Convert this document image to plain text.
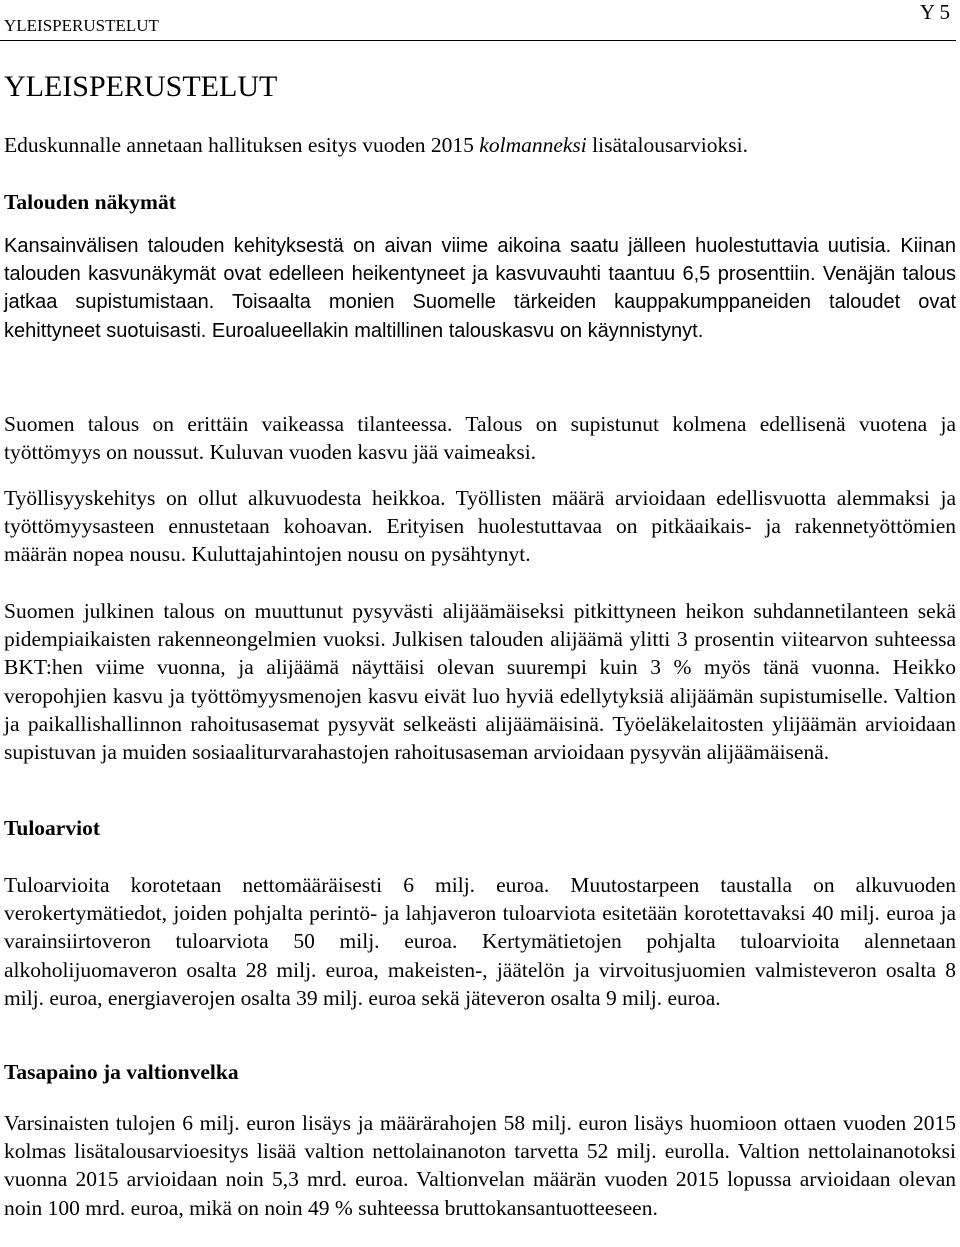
YLEISPERUSTELUT
Y 5
YLEISPERUSTELUT

Eduskunnalle annetaan hallituksen esitys vuoden 2015 kolmanneksi lisätalousarvioksi.

Talouden näkymät

Kansainvälisen talouden kehityksestä on aivan viime aikoina saatu jälleen huolestuttavia uutisia. Kiinan talouden kasvunäkymät ovat edelleen heikentyneet ja kasvuvauhti taantuu 6,5 prosenttiin. Venäjän talous jatkaa supistumistaan. Toisaalta monien Suomelle tärkeiden kauppakumppaneiden taloudet ovat kehittyneet suotuisasti. Euroalueellakin maltillinen talouskasvu on käynnistynyt.

Suomen talous on erittäin vaikeassa tilanteessa. Talous on supistunut kolmena edellisenä vuotena ja työttömyys on noussut. Kuluvan vuoden kasvu jää vaimeaksi.

Työllisyyskehitys on ollut alkuvuodesta heikkoa. Työllisten määrä arvioidaan edellisvuotta alemmaksi ja työttömyysasteen ennustetaan kohoavan. Erityisen huolestuttavaa on pitkäaikais- ja rakennetyöttömien määrän nopea nousu. Kuluttajahintojen nousu on pysähtynyt.

Suomen julkinen talous on muuttunut pysyvästi alijäämäiseksi pitkittyneen heikon suhdannetilanteen sekä pidempiaikaisten rakenneongelmien vuoksi. Julkisen talouden alijäämä ylitti 3 prosentin viitearvon suhteessa BKT:hen viime vuonna, ja alijäämä näyttäisi olevan suurempi kuin 3 % myös tänä vuonna. Heikko veropohjien kasvu ja työttömyysmenojen kasvu eivät luo hyviä edellytyksiä alijäämän supistumiselle. Valtion ja paikallishallinnon rahoitusasemat pysyvät selkeästi alijäämäisinä. Työeläkelaitosten ylijäämän arvioidaan supistuvan ja muiden sosiaaliturvarahastojen rahoitusaseman arvioidaan pysyvän alijäämäisenä.

Tuloarviot

Tuloarvioita korotetaan nettomääräisesti 6 milj. euroa. Muutostarpeen taustalla on alkuvuoden verokertymätiedot, joiden pohjalta perintö- ja lahjaveron tuloarviota esitetään korotettavaksi 40 milj. euroa ja varainsiirtoveron tuloarviota 50 milj. euroa. Kertymätietojen pohjalta tuloarvioita alennetaan alkoholijuomaveron osalta 28 milj. euroa, makeisten-, jäätelön ja virvoitusjuomien valmisteveron osalta 8 milj. euroa, energiaverojen osalta 39 milj. euroa sekä jäteveron osalta 9 milj. euroa.

Tasapaino ja valtionvelka

Varsinaisten tulojen 6 milj. euron lisäys ja määrärahojen 58 milj. euron lisäys huomioon ottaen vuoden 2015 kolmas lisätalousarvioesitys lisää valtion nettolainanoton tarvetta 52 milj. eurolla. Valtion nettolainanotoksi vuonna 2015 arvioidaan noin 5,3 mrd. euroa. Valtionvelan määrän vuoden 2015 lopussa arvioidaan olevan noin 100 mrd. euroa, mikä on noin 49 % suhteessa bruttokansantuotteeseen.
